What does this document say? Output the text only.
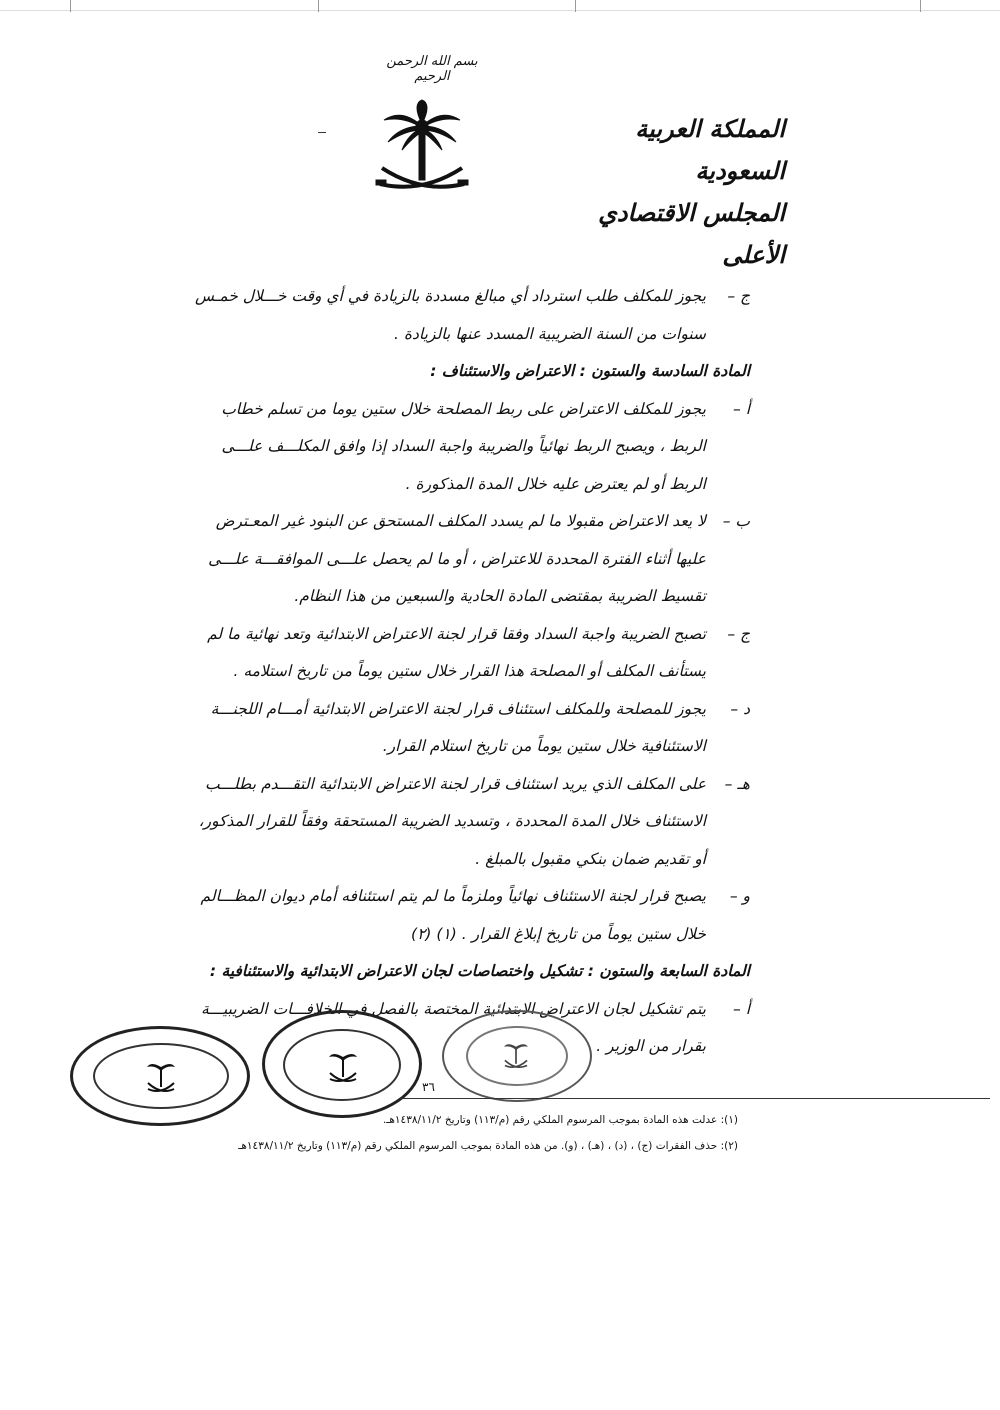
بسم الله الرحمن الرحيم
المملكة العربية السعودية
المجلس الاقتصادي الأعلى
ج –يجوز للمكلف طلب استرداد أي مبالغ مسددة بالزيادة في أي وقت خـــلال خمـس
سنوات من السنة الضريبية المسدد عنها بالزيادة .
المادة السادسة والستون : الاعتراض والاستئناف :
أ –يجوز للمكلف الاعتراض على ربط المصلحة خلال ستين يوما من تسلم خطاب
الربط ، ويصبح الربط نهائياً والضريبة واجبة السداد إذا وافق المكلـــف علـــى
الربط أو لم يعترض عليه خلال المدة المذكورة .
ب –لا يعد الاعتراض مقبولا ما لم يسدد المكلف المستحق عن البنود غير المعـترض
عليها أثناء الفترة المحددة للاعتراض ، أو ما لم يحصل علـــى الموافقـــة علـــى
تقسيط الضريبة بمقتضى المادة الحادية والسبعين من هذا النظام.
ج –تصبح الضريبة واجبة السداد وفقا قرار لجنة الاعتراض الابتدائية وتعد نهائية ما لم
يستأنف المكلف أو المصلحة هذا القرار خلال ستين يوماً من تاريخ استلامه .
د –يجوز للمصلحة وللمكلف استئناف قرار لجنة الاعتراض الابتدائية أمـــام اللجنـــة
الاستئنافية خلال ستين يوماً من تاريخ استلام القرار.
هـ –على المكلف الذي يريد استئناف قرار لجنة الاعتراض الابتدائية التقـــدم بطلـــب
الاستئناف خلال المدة المحددة ، وتسديد الضريبة المستحقة وفقاً للقرار المذكور،
أو تقديم ضمان بنكي مقبول بالمبلغ .
و –يصبح قرار لجنة الاستئناف نهائياً وملزماً ما لم يتم استئنافه أمام ديوان المظـــالم
خلال ستين يوماً من تاريخ إبلاغ القرار . (١) (٢)
المادة السابعة والستون : تشكيل واختصاصات لجان الاعتراض الابتدائية والاستئنافية :
أ –يتم تشكيل لجان الاعتراض الابتدائية المختصة بالفصل في الخلافـــات الضريبيـــة
بقرار من الوزير .
٣٦
(١): عدلت هذه المادة بموجب المرسوم الملكي رقم (م/١١٣) وتاريخ ١٤٣٨/١١/٢هـ.
(٢): حذف الفقرات (ج) ، (د) ، (هـ) ، (و). من هذه المادة بموجب المرسوم الملكي رقم (م/١١٣) وتاريخ ١٤٣٨/١١/٢هـ
